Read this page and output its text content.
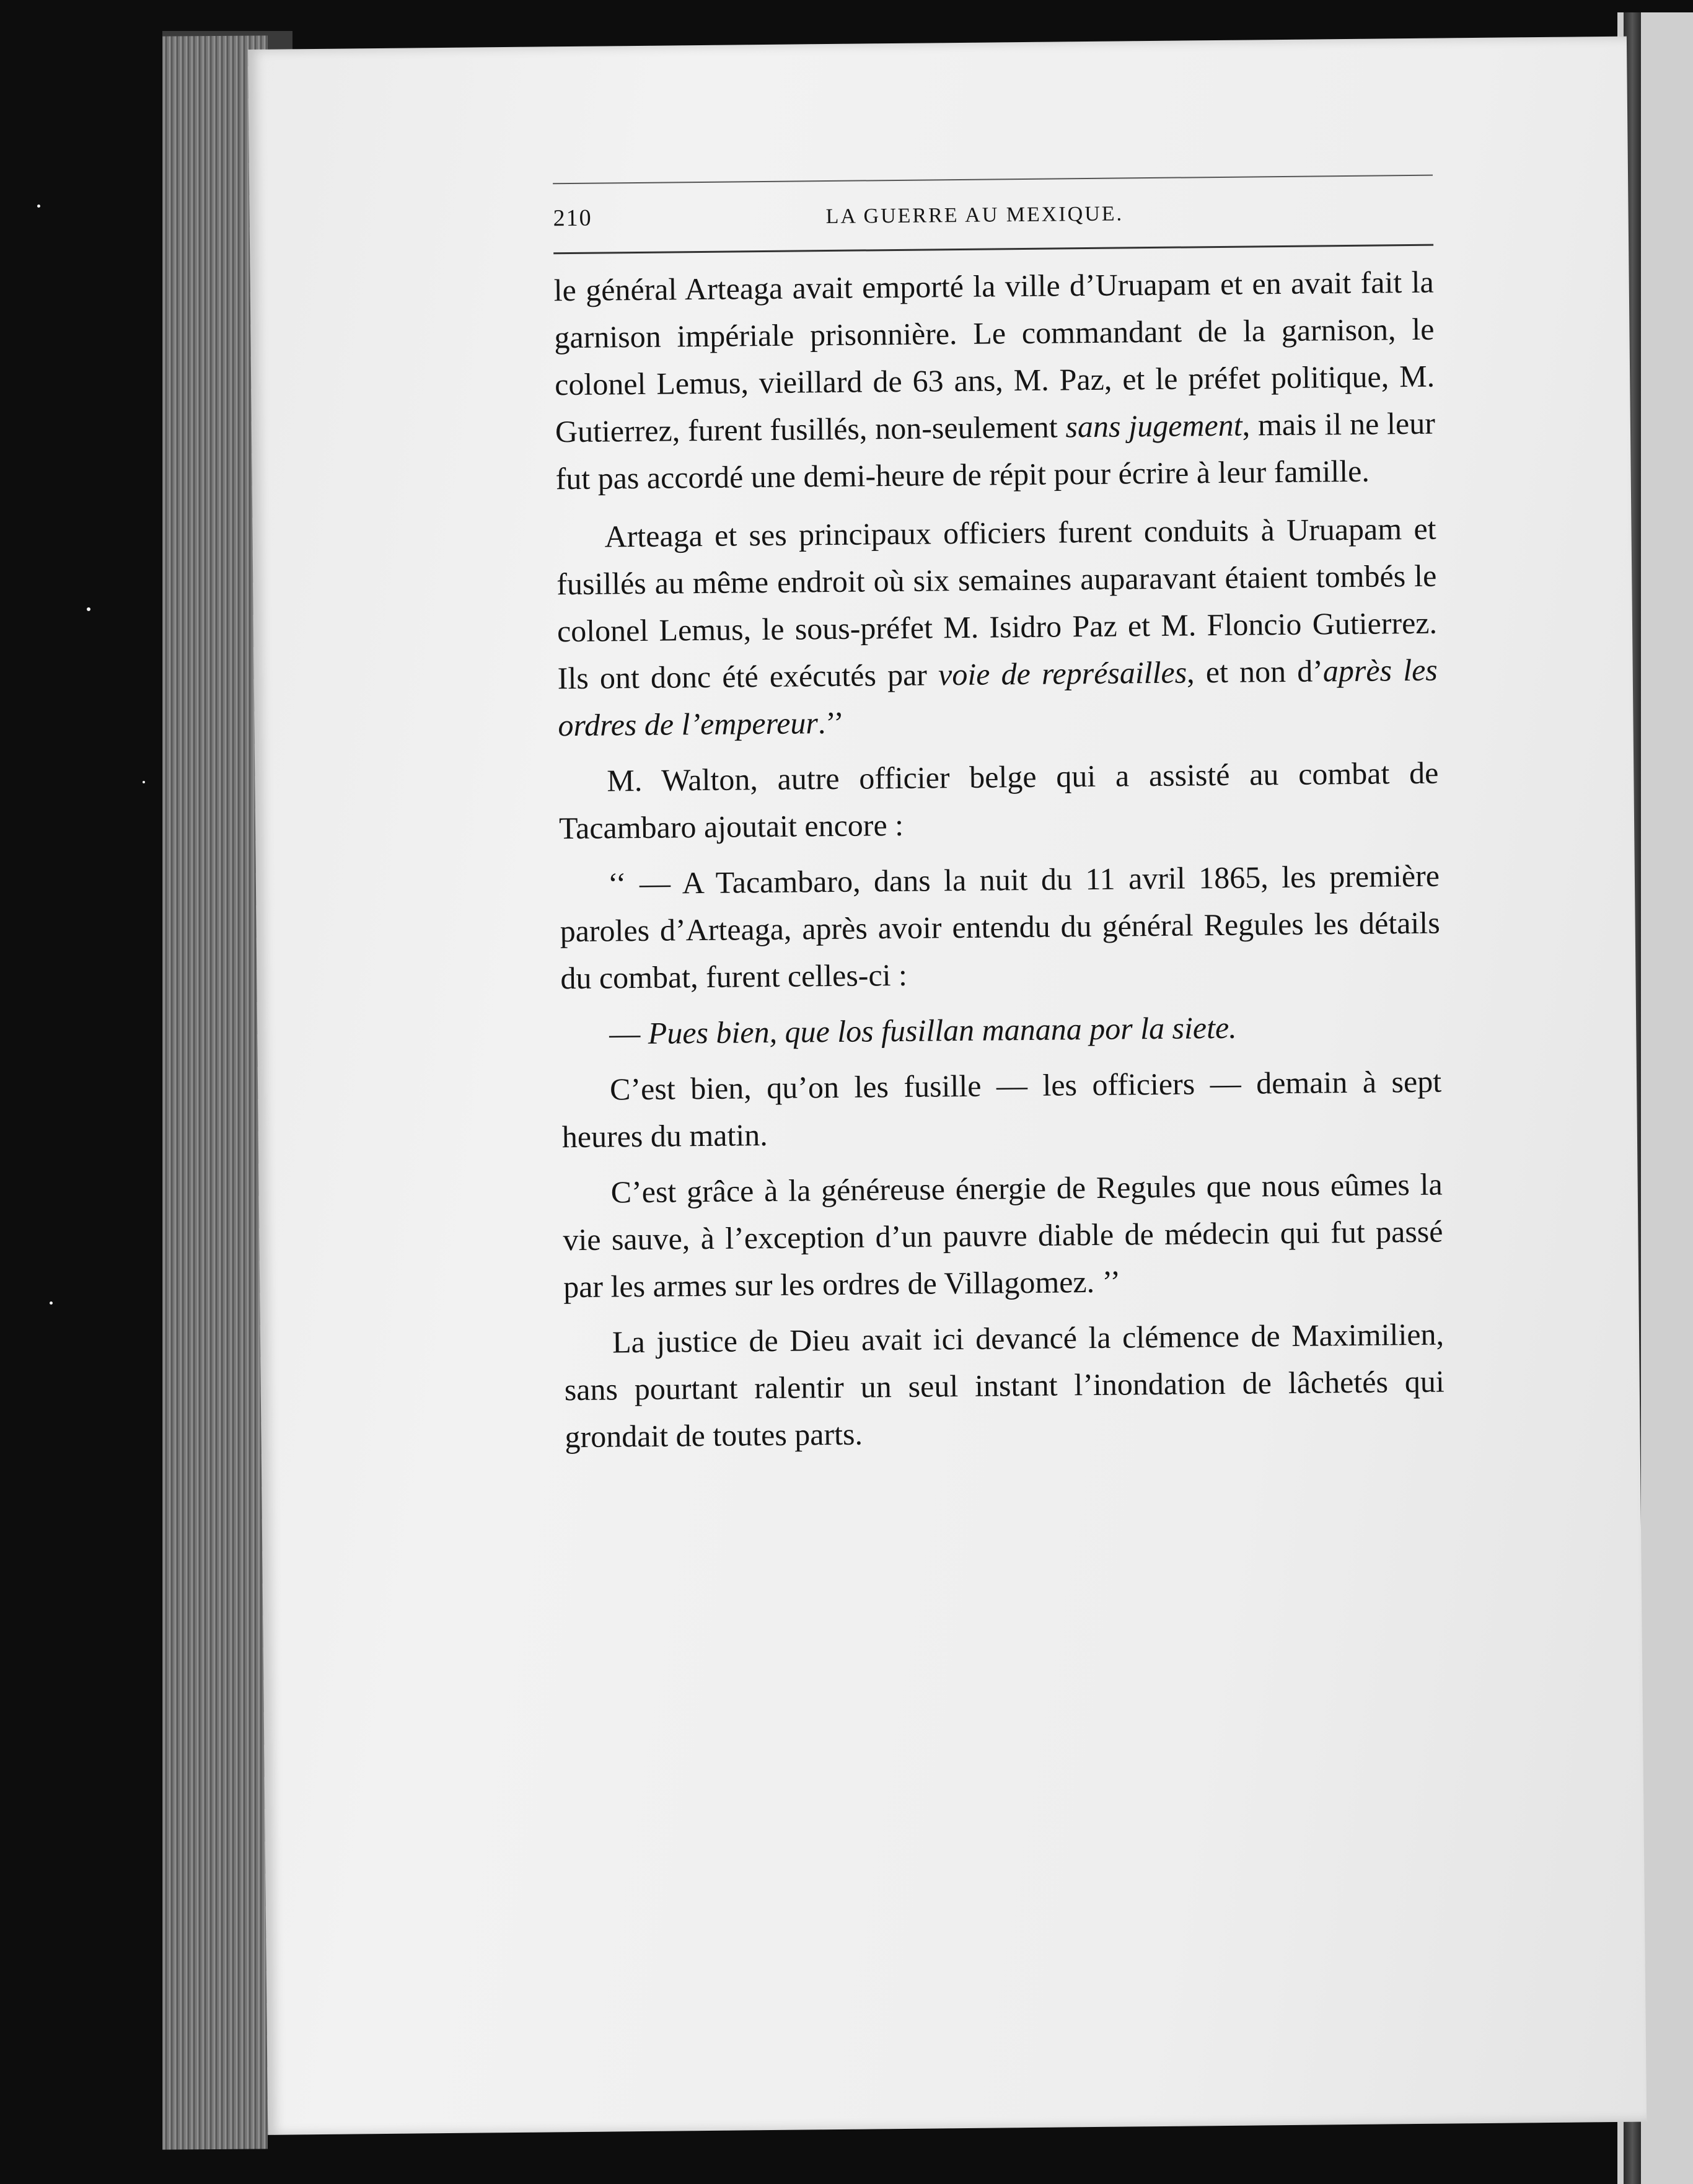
210	LA GUERRE AU MEXIQUE.

le général Arteaga avait emporté la ville d’Uruapam et en avait fait la garnison impériale prisonnière. Le commandant de la garnison, le colonel Lemus, vieillard de 63 ans, M. Paz, et le préfet politique, M. Gutierrez, furent fusillés, non-seulement sans jugement, mais il ne leur fut pas accordé une demi-heure de répit pour écrire à leur famille.

Arteaga et ses principaux officiers furent conduits à Uruapam et fusillés au même endroit où six semaines auparavant étaient tombés le colonel Lemus, le sous-préfet M. Isidro Paz et M. Floncio Gutierrez. Ils ont donc été exécutés par voie de représailles, et non d’après les ordres de l’empereur.’’

M. Walton, autre officier belge qui a assisté au combat de Tacambaro ajoutait encore :

‘‘ — A Tacambaro, dans la nuit du 11 avril 1865, les première paroles d’Arteaga, après avoir entendu du général Regules les détails du combat, furent celles-ci :

— Pues bien, que los fusillan manana por la siete.

C’est bien, qu’on les fusille — les officiers — demain à sept heures du matin.

C’est grâce à la généreuse énergie de Regules que nous eûmes la vie sauve, à l’exception d’un pauvre diable de médecin qui fut passé par les armes sur les ordres de Villagomez. ’’

La justice de Dieu avait ici devancé la clémence de Maximilien, sans pourtant ralentir un seul instant l’inondation de lâchetés qui grondait de toutes parts.
